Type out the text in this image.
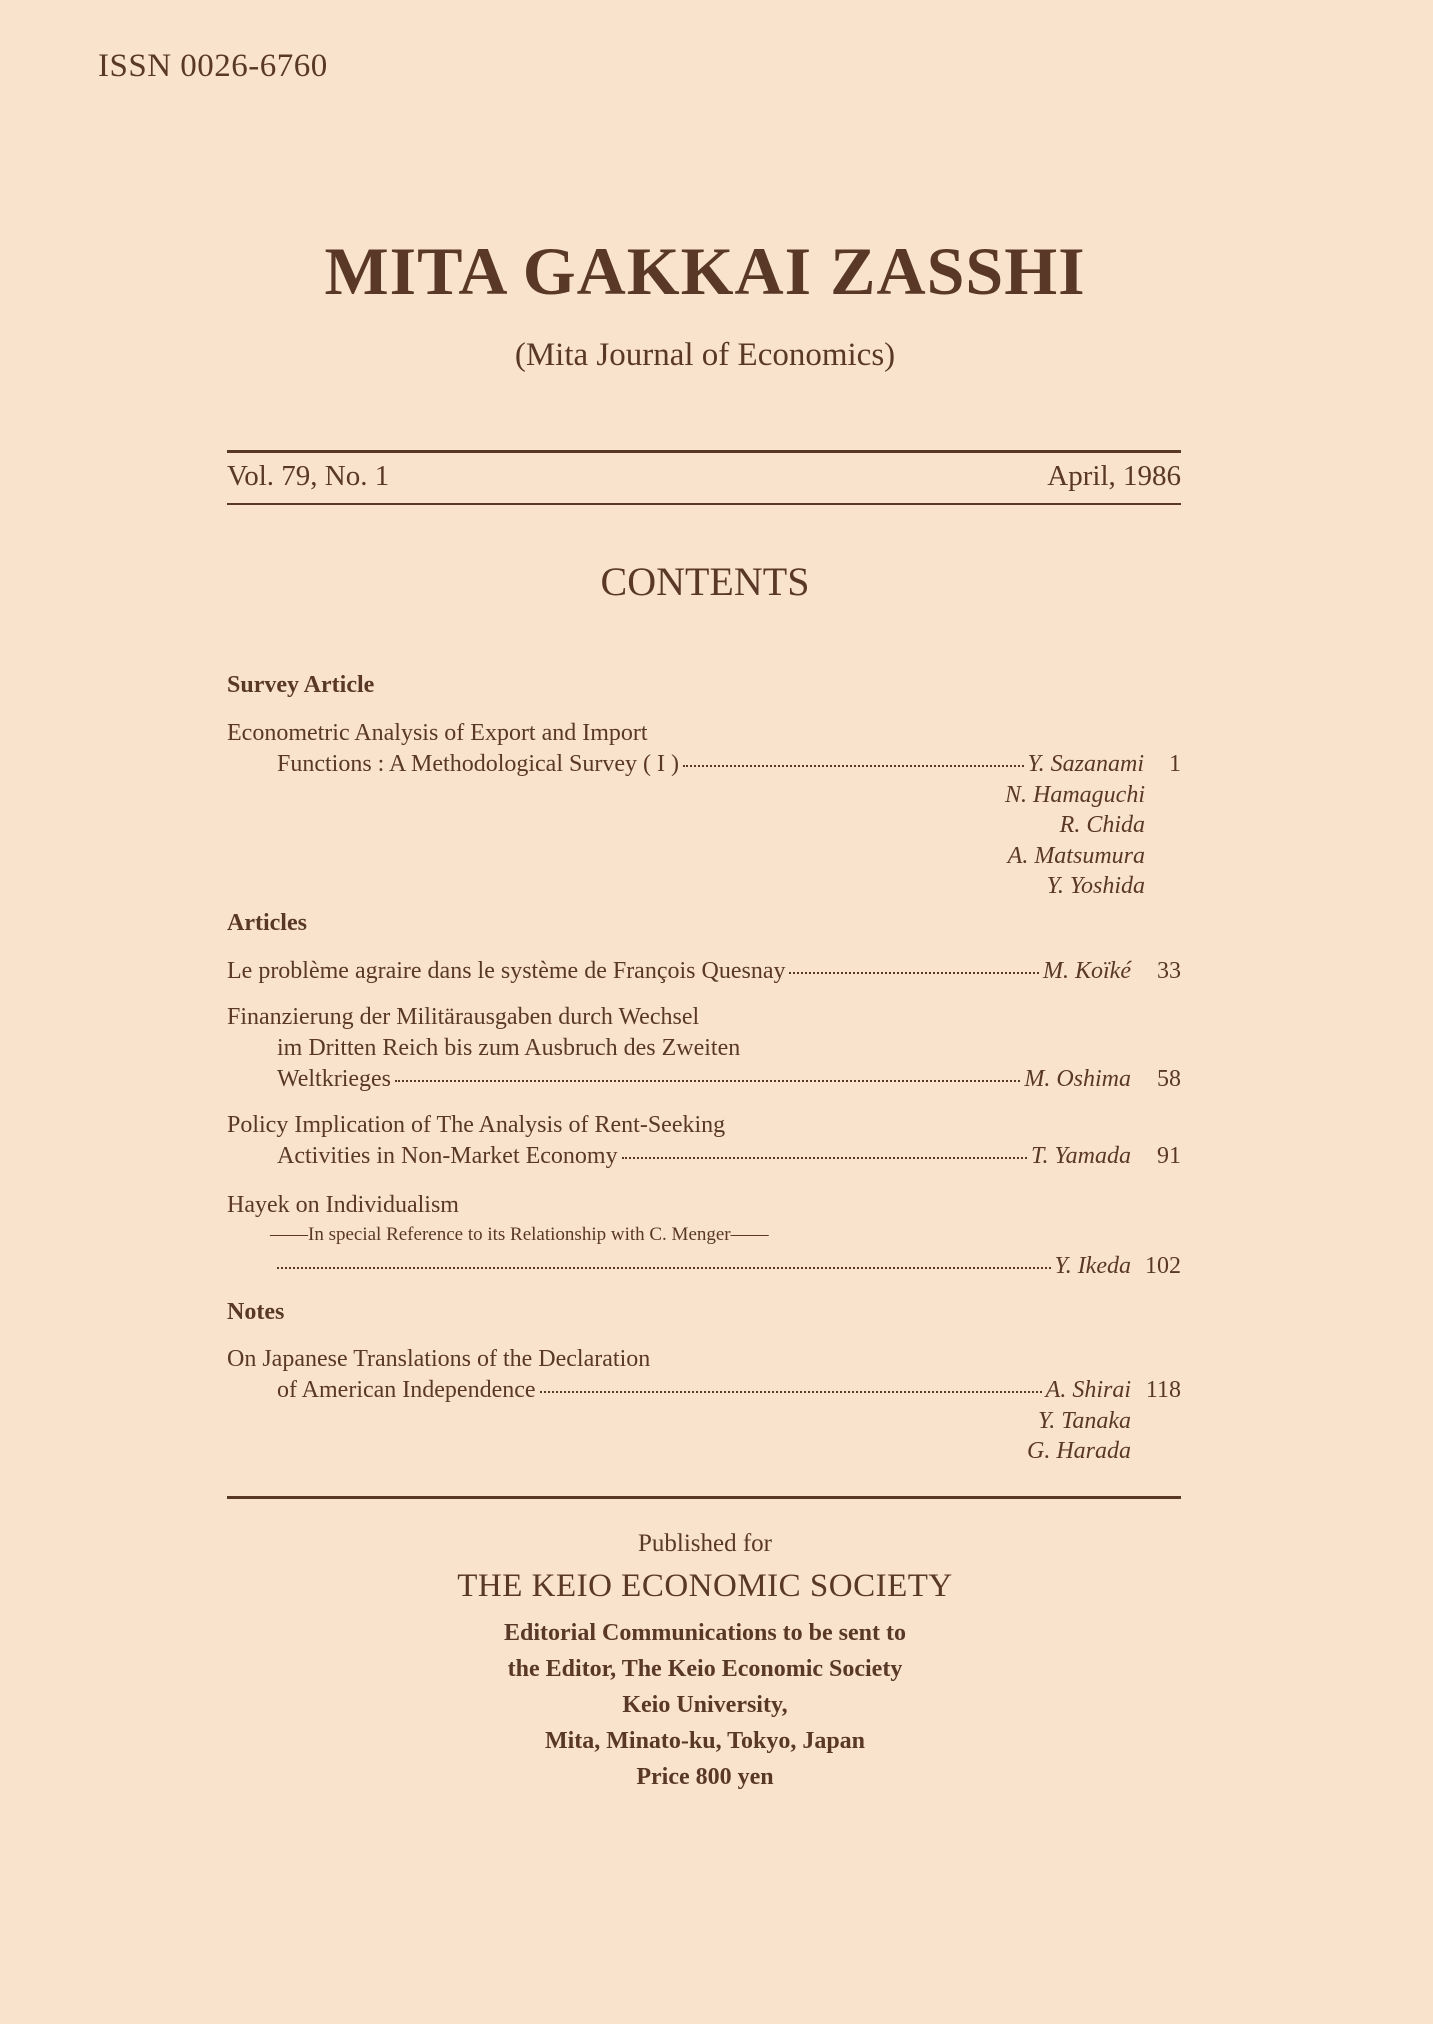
ISSN 0026-6760
MITA GAKKAI ZASSHI
(Mita Journal of Economics)
Vol. 79, No. 1	April, 1986
CONTENTS
Survey Article
Econometric Analysis of Export and Import
Functions : A Methodological Survey ( I )	Y. Sazanami	1
N. Hamaguchi
R. Chida
A. Matsumura
Y. Yoshida
Articles
Le problème agraire dans le système de François Quesnay	M. Koïké	33
Finanzierung der Militärausgaben durch Wechsel
im Dritten Reich bis zum Ausbruch des Zweiten
Weltkrieges	M. Oshima	58
Policy Implication of The Analysis of Rent-Seeking
Activities in Non-Market Economy	T. Yamada	91
Hayek on Individualism
——In special Reference to its Relationship with C. Menger——
Y. Ikeda 102
Notes
On Japanese Translations of the Declaration
of American Independence	A. Shirai 118
Y. Tanaka
G. Harada
Published for
THE KEIO ECONOMIC SOCIETY
Editorial Communications to be sent to
the Editor, The Keio Economic Society
Keio University,
Mita, Minato-ku, Tokyo, Japan
Price 800 yen
